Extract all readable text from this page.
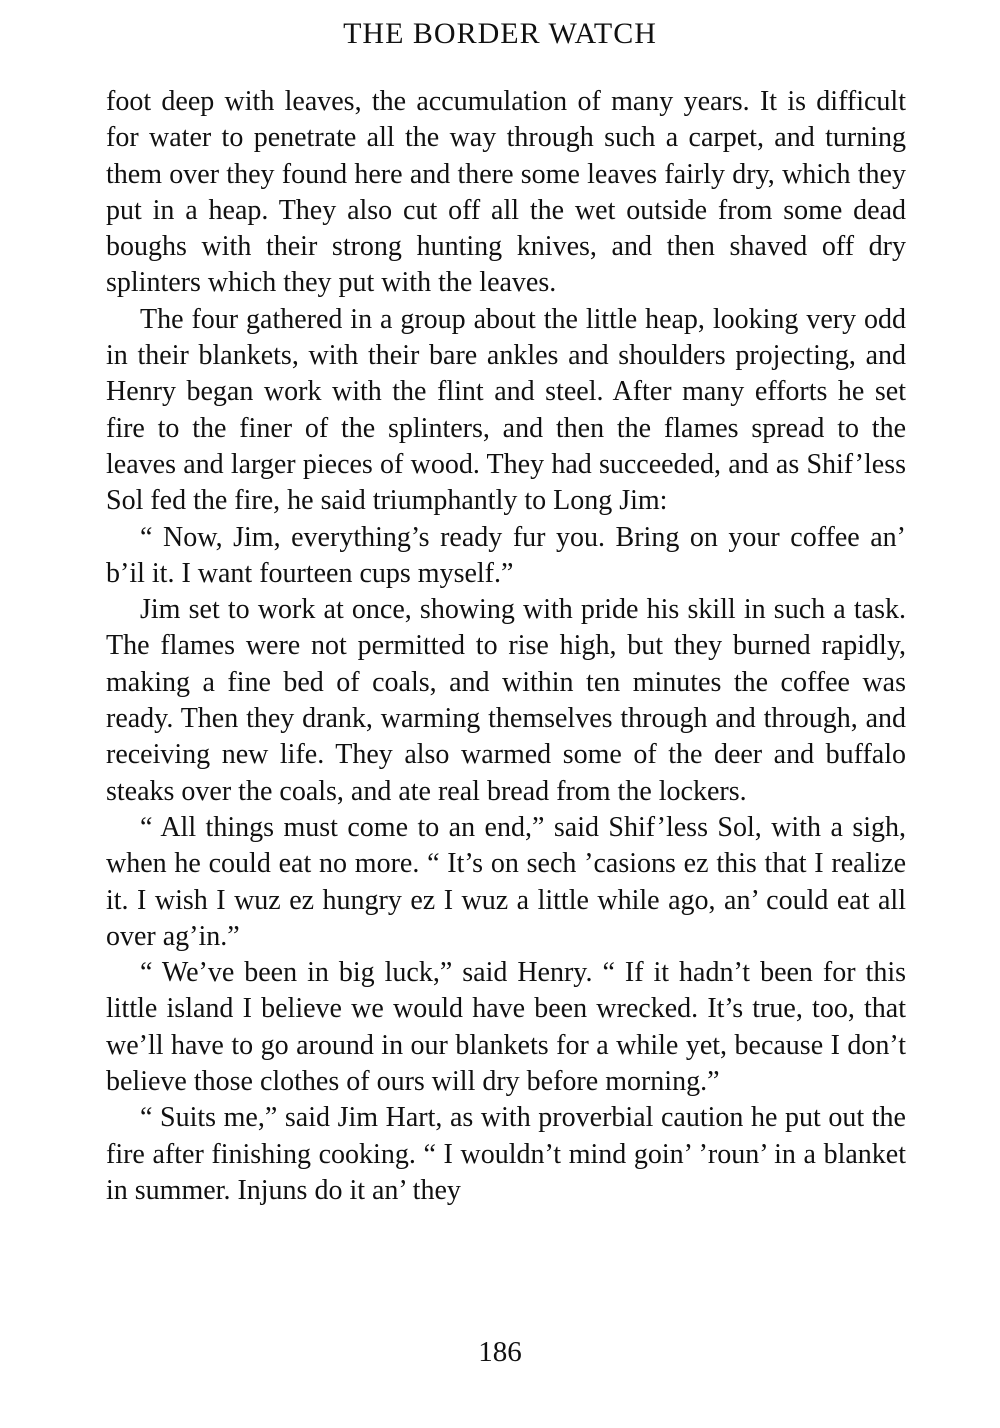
THE BORDER WATCH

foot deep with leaves, the accumulation of many years. It is difficult for water to penetrate all the way through such a carpet, and turning them over they found here and there some leaves fairly dry, which they put in a heap. They also cut off all the wet outside from some dead boughs with their strong hunting knives, and then shaved off dry splinters which they put with the leaves.

The four gathered in a group about the little heap, looking very odd in their blankets, with their bare ankles and shoulders projecting, and Henry began work with the flint and steel. After many efforts he set fire to the finer of the splinters, and then the flames spread to the leaves and larger pieces of wood. They had succeeded, and as Shif’less Sol fed the fire, he said triumphantly to Long Jim:

“ Now, Jim, everything’s ready fur you. Bring on your coffee an’ b’il it. I want fourteen cups myself.”

Jim set to work at once, showing with pride his skill in such a task. The flames were not permitted to rise high, but they burned rapidly, making a fine bed of coals, and within ten minutes the coffee was ready. Then they drank, warming themselves through and through, and receiving new life. They also warmed some of the deer and buffalo steaks over the coals, and ate real bread from the lockers.

“ All things must come to an end,” said Shif’less Sol, with a sigh, when he could eat no more. “ It’s on sech ’casions ez this that I realize it. I wish I wuz ez hungry ez I wuz a little while ago, an’ could eat all over ag’in.”

“ We’ve been in big luck,” said Henry. “ If it hadn’t been for this little island I believe we would have been wrecked. It’s true, too, that we’ll have to go around in our blankets for a while yet, because I don’t believe those clothes of ours will dry before morning.”

“ Suits me,” said Jim Hart, as with proverbial caution he put out the fire after finishing cooking. “ I wouldn’t mind goin’ ’roun’ in a blanket in summer. Injuns do it an’ they

186
